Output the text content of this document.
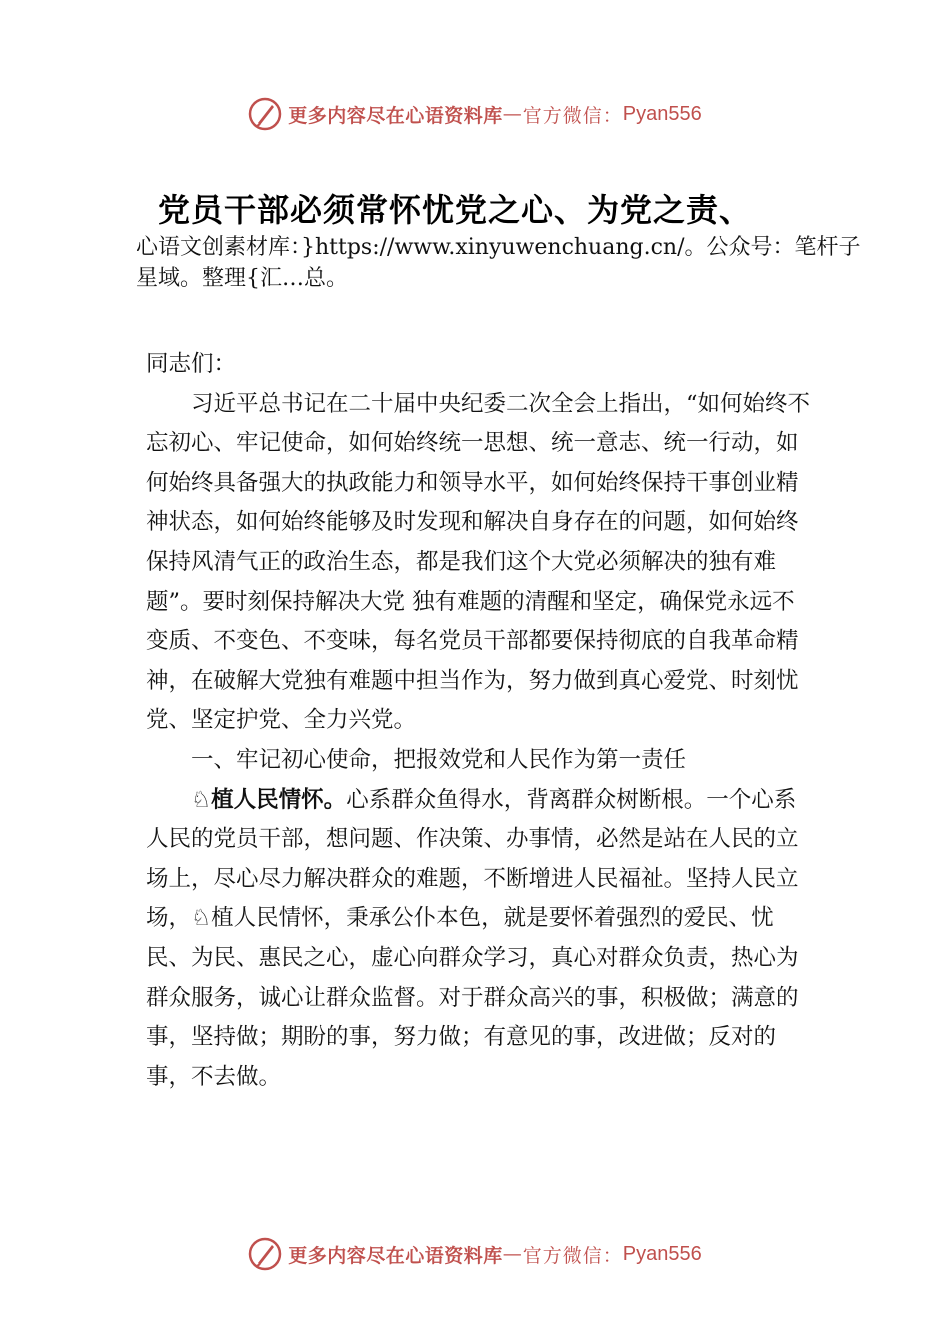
更多内容尽在心语资料库 — 官方微信： Pyan556
党员干部必须常怀忧党之心、为党之责、
心语文创素材库：}https://www.xinyuwenchuang.cn/。公众号：笔杆子星域。整理{汇…总。

同志们：

习近平总书记在二十届中央纪委二次全会上指出，“如何始终不忘初心、牢记使命，如何始终统一思想、统一意志、统一行动，如何始终具备强大的执政能力和领导水平，如何始终保持干事创业精神状态，如何始终能够及时发现和解决自身存在的问题，如何始终保持风清气正的政治生态，都是我们这个大党必须解决的独有难题”。要时刻保持解决大党 独有难题的清醒和坚定，确保党永远不变质、不变色、不变味，每名党员干部都要保持彻底的自我革命精神，在破解大党独有难题中担当作为，努力做到真心爱党、时刻忧党、坚定护党、全力兴党。

一、牢记初心使命，把报效党和人民作为第一责任

♘植人民情怀。心系群众鱼得水，背离群众树断根。一个心系人民的党员干部，想问题、作决策、办事情，必然是站在人民的立场上，尽心尽力解决群众的难题，不断增进人民福祉。坚持人民立场，♘植人民情怀，秉承公仆本色，就是要怀着强烈的爱民、忧民、为民、惠民之心，虚心向群众学习，真心对群众负责，热心为群众服务，诚心让群众监督。对于群众高兴的事，积极做；满意的事，坚持做；期盼的事，努力做；有意见的事，改进做；反对的事，不去做。

更多内容尽在心语资料库 — 官方微信： Pyan556
